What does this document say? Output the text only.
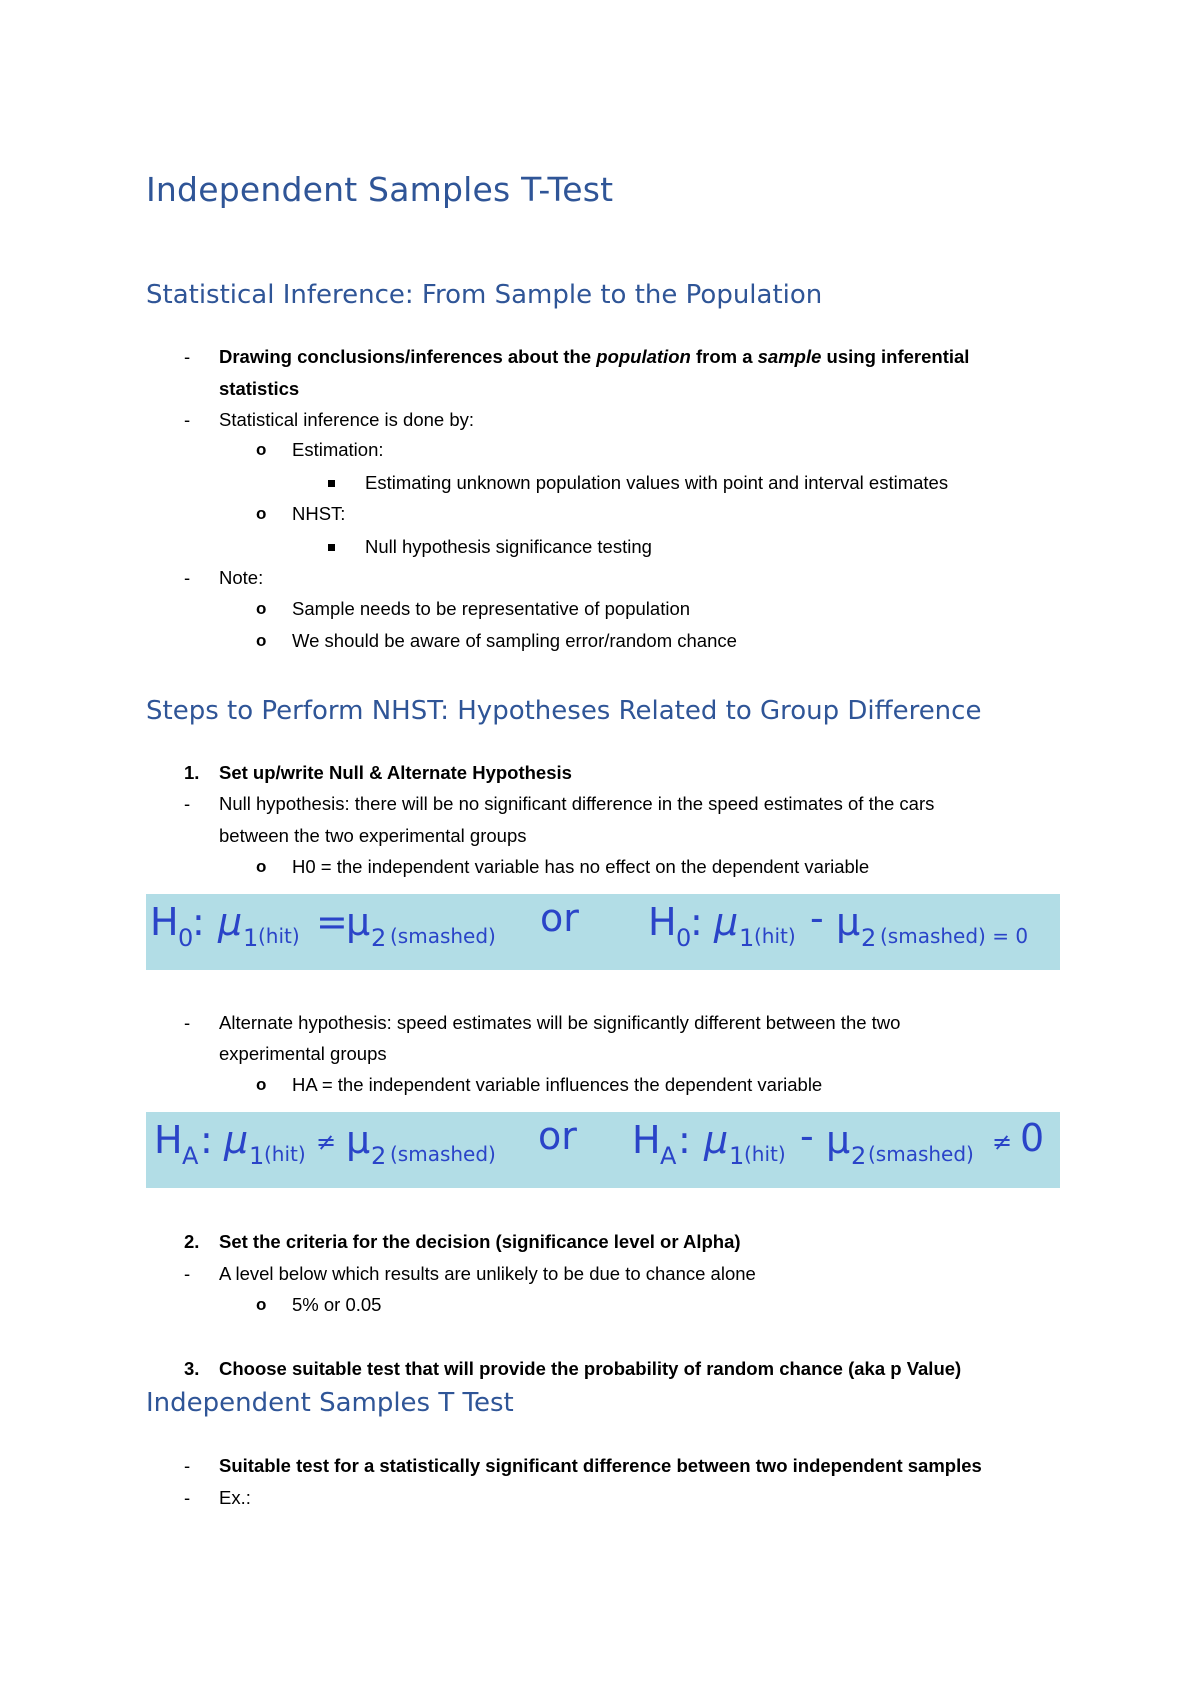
Independent Samples T-Test
Statistical Inference: From Sample to the Population
- Drawing conclusions/inferences about the population from a sample using inferential
statistics
- Statistical inference is done by:
o Estimation:
Estimating unknown population values with point and interval estimates
o NHST:
Null hypothesis significance testing
- Note:
o Sample needs to be representative of population
o We should be aware of sampling error/random chance
Steps to Perform NHST: Hypotheses Related to Group Difference
1. Set up/write Null & Alternate Hypothesis
- Null hypothesis: there will be no significant difference in the speed estimates of the cars
between the two experimental groups
o H0 = the independent variable has no effect on the dependent variable
H 0
: μ 1 (hit) =
μ 2 (smashed) or H 0
: μ 1 (hit) - μ 2 (smashed) = 0
- Alternate hypothesis: speed estimates will be significantly different between the two
experimental groups
o HA = the independent variable influences the dependent variable
H A : μ 1 (hit) ≠ μ 2 (smashed) or H A : μ 1 (hit) - μ 2 (smashed) ≠ 0
2. Set the criteria for the decision (significance level or Alpha)
- A level below which results are unlikely to be due to chance alone
o 5% or 0.05
3. Choose suitable test that will provide the probability of random chance (aka p Value)
Independent Samples T Test
- Suitable test for a statistically significant difference between two independent samples
- Ex.:
